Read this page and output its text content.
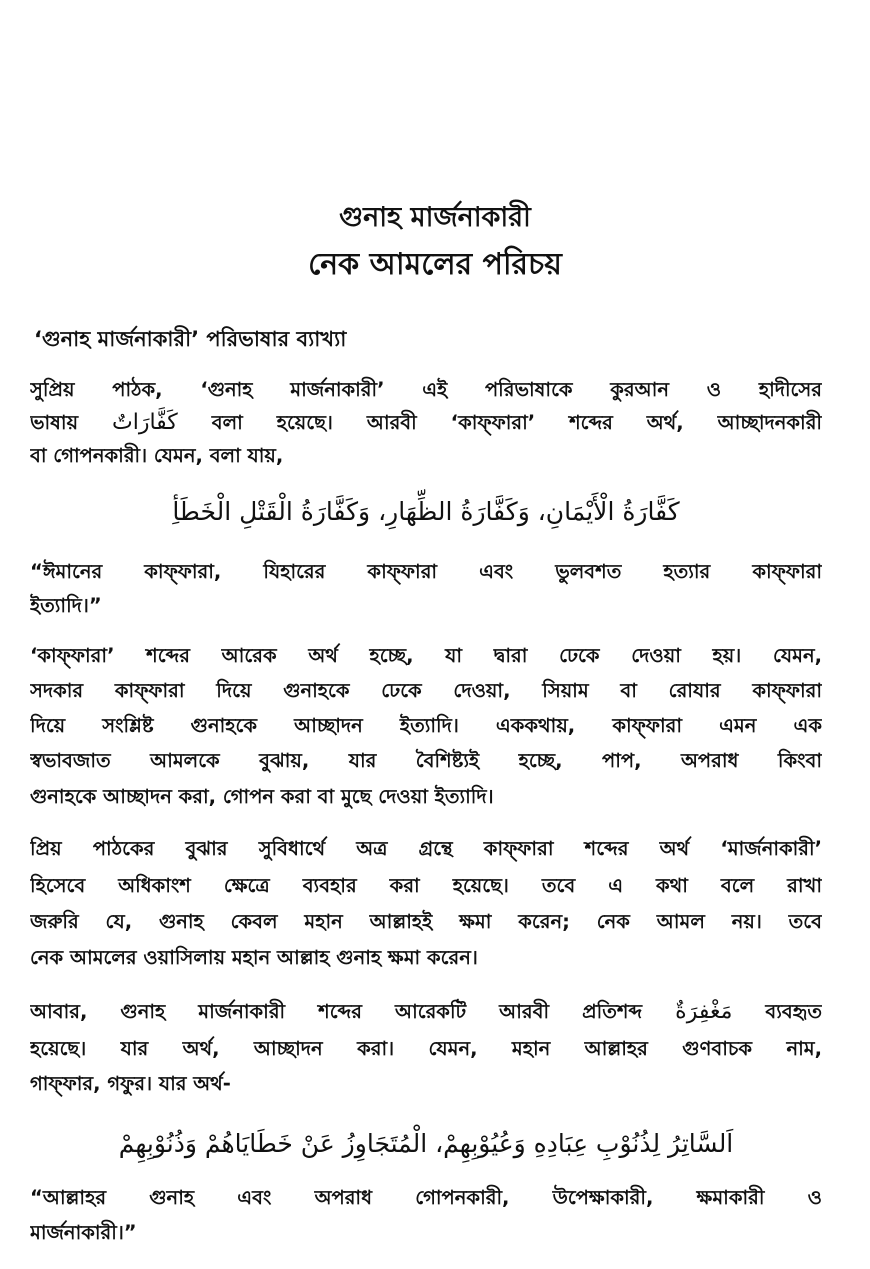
গুনাহ মার্জনাকারী
নেক আমলের পরিচয়
‘গুনাহ মার্জনাকারী’ পরিভাষার ব্যাখ্যা
সুপ্রিয় পাঠক, ‘গুনাহ মার্জনাকারী’ এই পরিভাষাকে কুরআন ও হাদীসের
ভাষায় كَفَّارَاتٌ বলা হয়েছে। আরবী ‘কাফ্ফারা’ শব্দের অর্থ, আচ্ছাদনকারী
বা গোপনকারী। যেমন, বলা যায়,
كَفَّارَةُ الْأَيْمَانِ، وَكَفَّارَةُ الظِّهَارِ، وَكَفَّارَةُ الْقَتْلِ الْخَطَأِ
“ঈমানের কাফ্ফারা, যিহারের কাফ্ফারা এবং ভুলবশত হত্যার কাফ্ফারা
ইত্যাদি।”
‘কাফ্ফারা’ শব্দের আরেক অর্থ হচ্ছে, যা দ্বারা ঢেকে দেওয়া হয়। যেমন,
সদকার কাফ্ফারা দিয়ে গুনাহকে ঢেকে দেওয়া, সিয়াম বা রোযার কাফ্ফারা
দিয়ে সংশ্লিষ্ট গুনাহকে আচ্ছাদন ইত্যাদি। এককথায়, কাফ্ফারা এমন এক
স্বভাবজাত আমলকে বুঝায়, যার বৈশিষ্ট্যই হচ্ছে, পাপ, অপরাধ কিংবা
গুনাহকে আচ্ছাদন করা, গোপন করা বা মুছে দেওয়া ইত্যাদি।
প্রিয় পাঠকের বুঝার সুবিধার্থে অত্র গ্রন্থে কাফ্ফারা শব্দের অর্থ ‘মার্জনাকারী’
হিসেবে অধিকাংশ ক্ষেত্রে ব্যবহার করা হয়েছে। তবে এ কথা বলে রাখা
জরুরি যে, গুনাহ কেবল মহান আল্লাহই ক্ষমা করেন; নেক আমল নয়। তবে
নেক আমলের ওয়াসিলায় মহান আল্লাহ গুনাহ ক্ষমা করেন।
আবার, গুনাহ মার্জনাকারী শব্দের আরেকটি আরবী প্রতিশব্দ مَغْفِرَةٌ ব্যবহৃত
হয়েছে। যার অর্থ, আচ্ছাদন করা। যেমন, মহান আল্লাহর গুণবাচক নাম,
গাফ্ফার, গফুর। যার অর্থ-
اَلسَّاتِرُ لِذُنُوْبِ عِبَادِهِ وَعُيُوْبِهِمْ، الْمُتَجَاوِزُ عَنْ خَطَايَاهُمْ وَذُنُوْبِهِمْ
“আল্লাহর গুনাহ এবং অপরাধ গোপনকারী, উপেক্ষাকারী, ক্ষমাকারী ও
মার্জনাকারী।”
